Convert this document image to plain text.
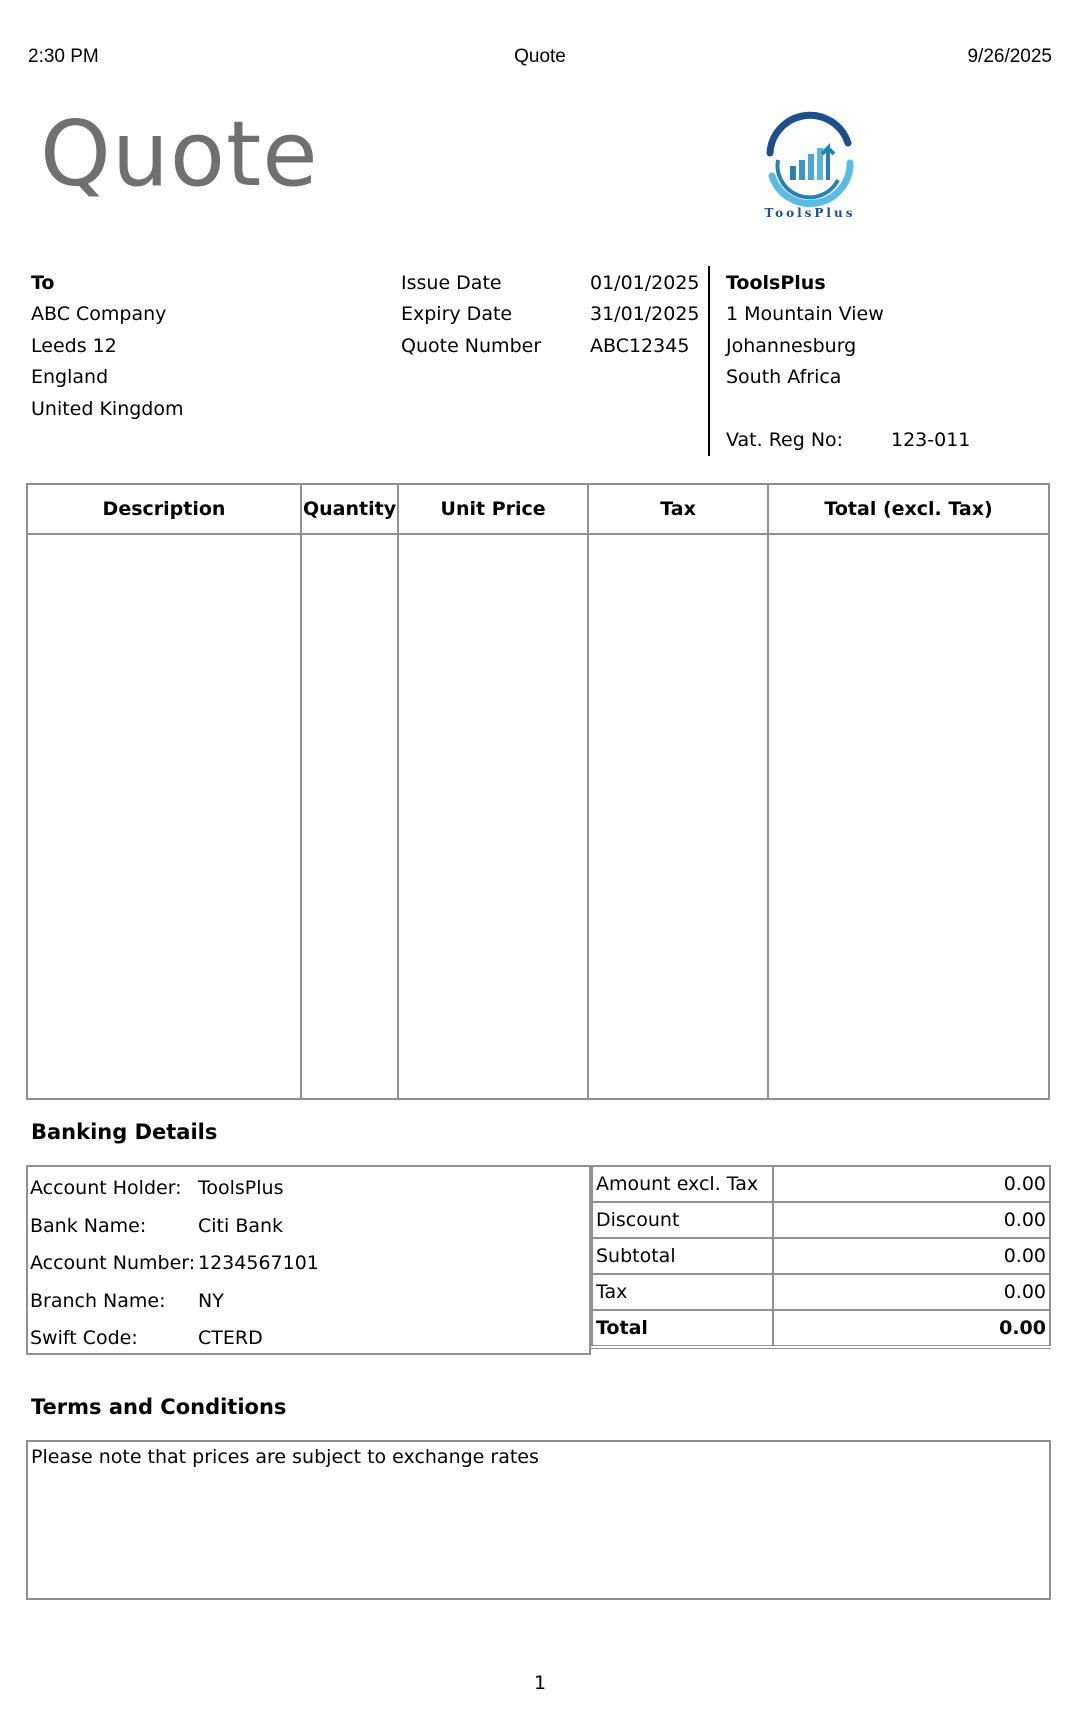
2:30 PM	Quote	9/26/2025
Quote
ToolsPlus
To
ABC Company
Leeds 12
England
United Kingdom
Issue Date	01/01/2025
Expiry Date	31/01/2025
Quote Number	ABC12345
ToolsPlus
1 Mountain View
Johannesburg
South Africa
Vat. Reg No:	123-011
Description	Quantity	Unit Price	Tax	Total (excl. Tax)

Banking Details
Account Holder: ToolsPlus
Bank Name:	Citi Bank
Account Number: 1234567101
Branch Name: NY
Swift Code:	CTERD
Amount excl. Tax	0.00
Discount	0.00
Subtotal	0.00
Tax	0.00
Total	0.00
Terms and Conditions
Please note that prices are subject to exchange rates
1
